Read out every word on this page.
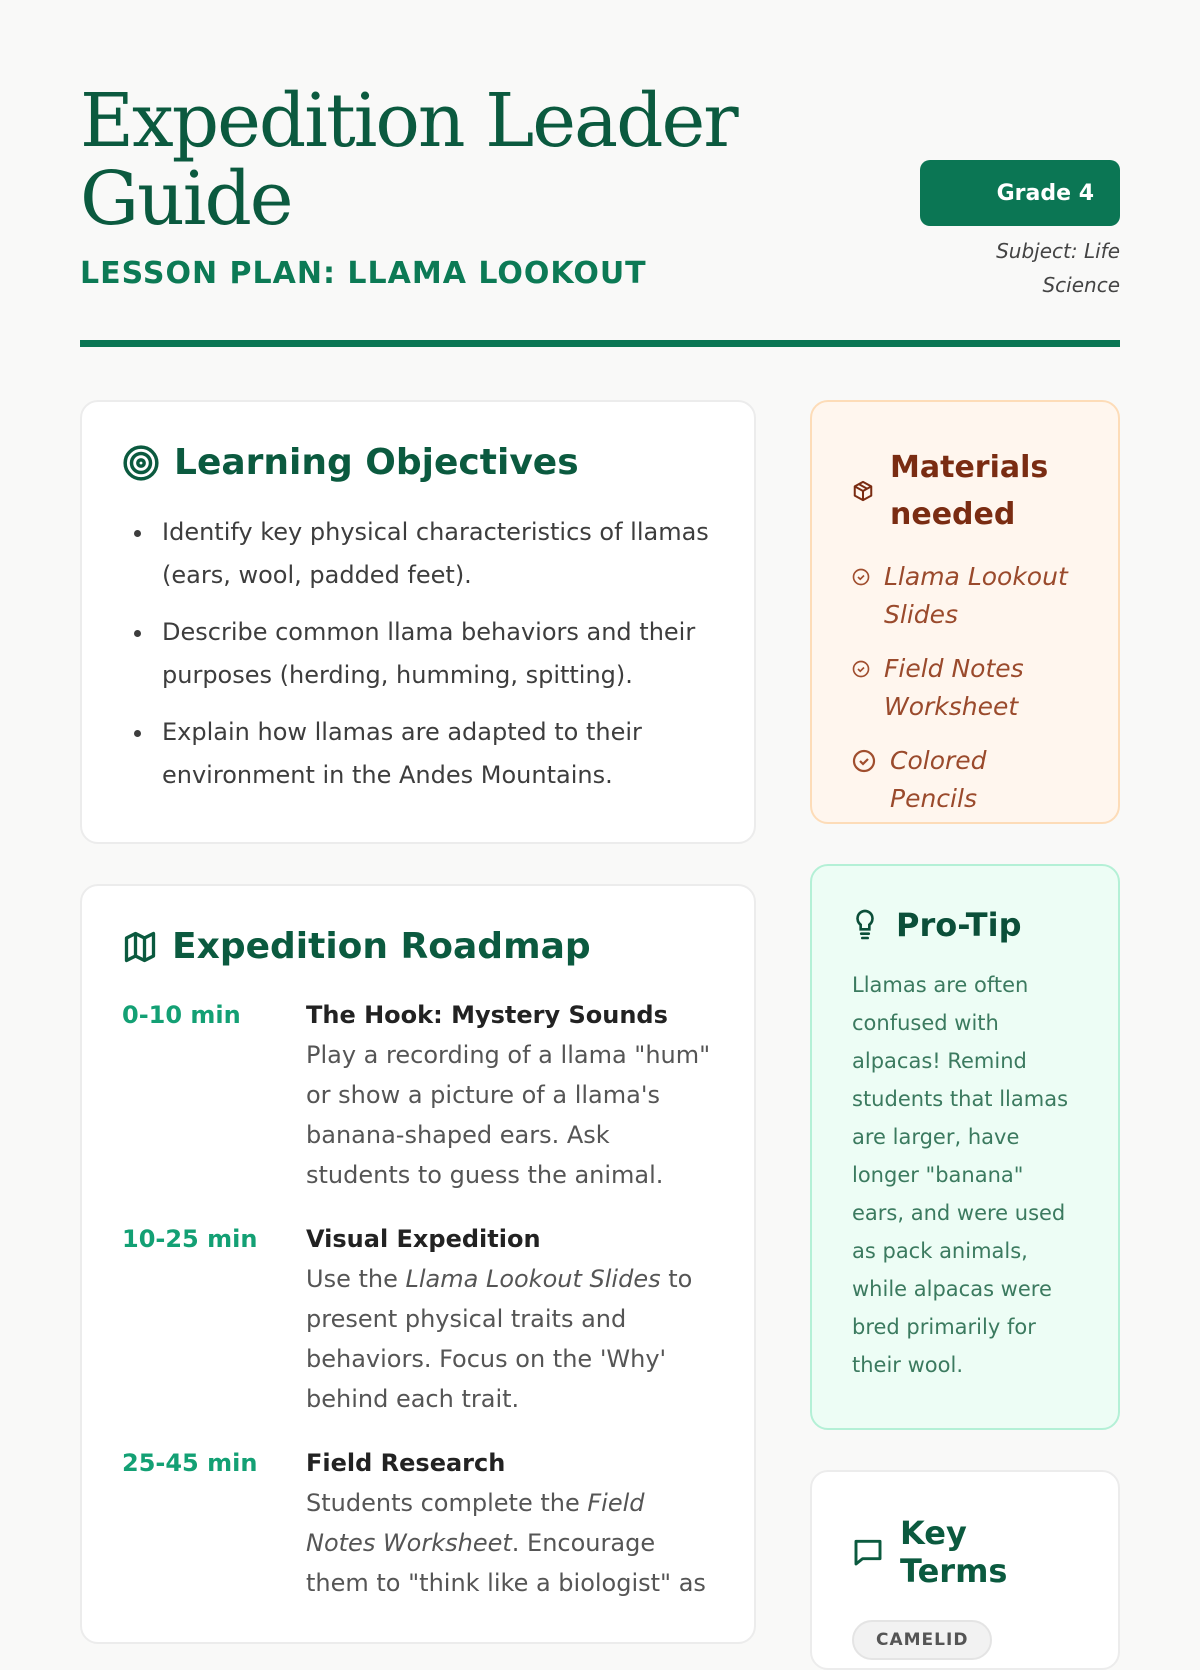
Expedition Leader Guide
LESSON PLAN: LLAMA LOOKOUT
Grade 4
Subject: Life Science
Learning Objectives
Identify key physical characteristics of llamas (ears, wool, padded feet).
Describe common llama behaviors and their purposes (herding, humming, spitting).
Explain how llamas are adapted to their environment in the Andes Mountains.
Expedition Roadmap
0-10 min	The Hook: Mystery Sounds
Play a recording of a llama "hum" or show a picture of a llama's banana-shaped ears. Ask students to guess the animal.
10-25 min	Visual Expedition
Use the Llama Lookout Slides to present physical traits and behaviors. Focus on the 'Why' behind each trait.
25-45 min	Field Research
Students complete the Field Notes Worksheet. Encourage them to "think like a biologist" as
Materials needed
Llama Lookout Slides
Field Notes Worksheet
Colored Pencils
Pro-Tip

Llamas are often confused with alpacas! Remind students that llamas are larger, have longer "banana" ears, and were used as pack animals, while alpacas were bred primarily for their wool.

Key Terms
CAMELID
